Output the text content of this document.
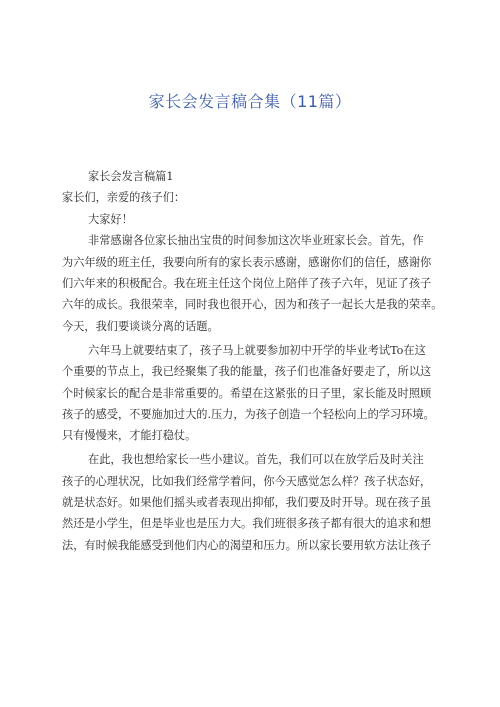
家长会发言稿合集（11篇）
家长会发言稿篇1
家长们，亲爱的孩子们：
大家好！
非常感谢各位家长抽出宝贵的时间参加这次毕业班家长会。首先，作
为六年级的班主任，我要向所有的家长表示感谢，感谢你们的信任，感谢你
们六年来的积极配合。我在班主任这个岗位上陪伴了孩子六年，见证了孩子
六年的成长。我很荣幸，同时我也很开心，因为和孩子一起长大是我的荣幸。
今天，我们要谈谈分离的话题。
六年马上就要结束了，孩子马上就要参加初中开学的毕业考试To在这
个重要的节点上，我已经聚集了我的能量，孩子们也准备好要走了，所以这
个时候家长的配合是非常重要的。希望在这紧张的日子里，家长能及时照顾
孩子的感受，不要施加过大的.压力，为孩子创造一个轻松向上的学习环境。
只有慢慢来，才能打稳仗。
在此，我也想给家长一些小建议。首先，我们可以在放学后及时关注
孩子的心理状况，比如我们经常学着问，你今天感觉怎么样？孩子状态好，
就是状态好。如果他们摇头或者表现出抑郁，我们要及时开导。现在孩子虽
然还是小学生，但是毕业也是压力大。我们班很多孩子都有很大的追求和想
法，有时候我能感受到他们内心的渴望和压力。所以家长要用软方法让孩子
